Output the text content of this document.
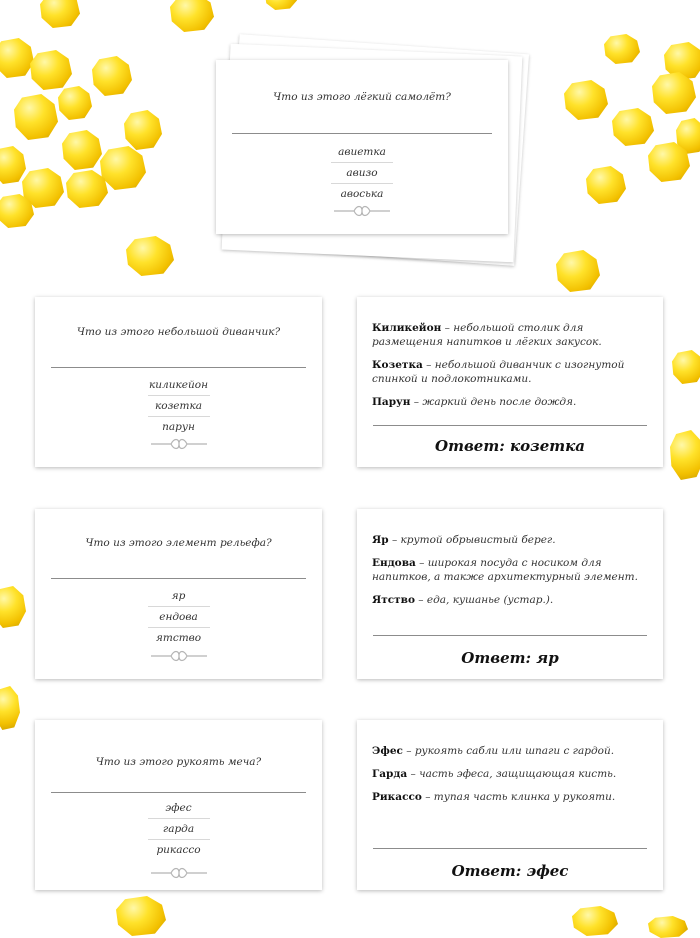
Что из этого лёгкий самолёт?
авиетка
авизо
авоська
Что из этого небольшой диванчик?
киликейон
козетка
парун
Киликейон – небольшой столик для размещения напитков и лёгких закусок.
Козетка – небольшой диванчик с изогнутой спинкой и подлокотниками.
Парун – жаркий день после дождя.
Ответ: козетка
Что из этого элемент рельефа?
яр
ендова
ятство
Яр – крутой обрывистый берег.
Ендова – широкая посуда с носиком для напитков, а также архитектурный элемент.
Ятство – еда, кушанье (устар.).
Ответ: яр
Что из этого рукоять меча?
эфес
гарда
рикассо
Эфес – рукоять сабли или шпаги с гардой.
Гарда – часть эфеса, защищающая кисть.
Рикассо – тупая часть клинка у рукояти.
Ответ: эфес
